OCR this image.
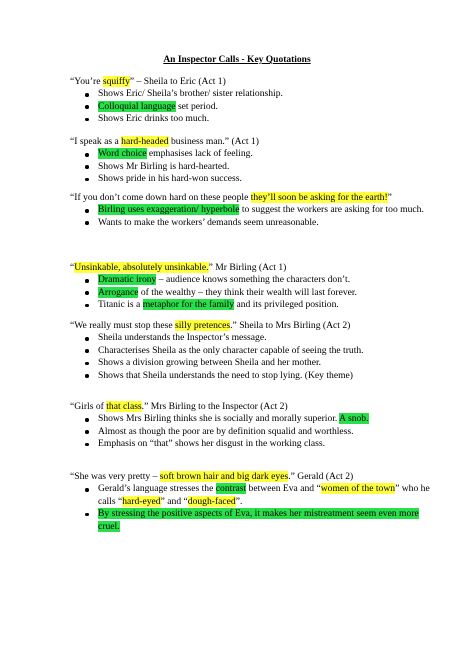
An Inspector Calls - Key Quotations

“You’re squiffy” – Sheila to Eric (Act 1)

Shows Eric/ Sheila’s brother/ sister relationship.
Colloquial language set period.
Shows Eric drinks too much.

“I speak as a hard-headed business man.” (Act 1)

Word choice emphasises lack of feeling.
Shows Mr Birling is hard-hearted.
Shows pride in his hard-won success.

“If you don’t come down hard on these people they’ll soon be asking for the earth!”

Birling uses exaggeration/ hyperbole to suggest the workers are asking for too much.
Wants to make the workers’ demands seem unreasonable.

“Unsinkable, absolutely unsinkable.” Mr Birling (Act 1)

Dramatic irony – audience knows something the characters don’t.
Arrogance of the wealthy – they think their wealth will last forever.
Titanic is a metaphor for the family and its privileged position.

“We really must stop these silly pretences.” Sheila to Mrs Birling (Act 2)

Sheila understands the Inspector’s message.
Characterises Sheila as the only character capable of seeing the truth.
Shows a division growing between Sheila and her mother.
Shows that Sheila understands the need to stop lying. (Key theme)

“Girls of that class.” Mrs Birling to the Inspector (Act 2)

Shows Mrs Birling thinks she is socially and morally superior. A snob.
Almost as though the poor are by definition squalid and worthless.
Emphasis on “that” shows her disgust in the working class.

“She was very pretty – soft brown hair and big dark eyes.” Gerald (Act 2)

Gerald’s language stresses the contrast between Eva and “women of the town” who he calls “hard-eyed” and “dough-faced”.
By stressing the positive aspects of Eva, it makes her mistreatment seem even more cruel.
